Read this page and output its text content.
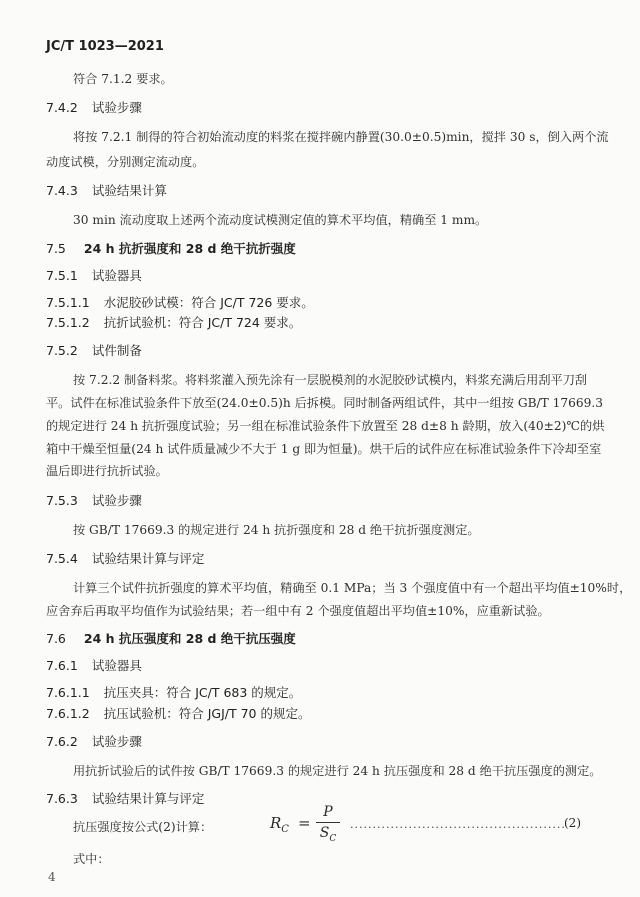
JC/T 1023—2021
符合 7.1.2 要求。
7.4.2 试验步骤
将按 7.2.1 制得的符合初始流动度的料浆在搅拌碗内静置(30.0±0.5)min，搅拌 30 s，倒入两个流
动度试模，分别测定流动度。
7.4.3 试验结果计算
30 min 流动度取上述两个流动度试模测定值的算术平均值，精确至 1 mm。
7.5 24 h 抗折强度和 28 d 绝干抗折强度
7.5.1 试验器具
7.5.1.1 水泥胶砂试模：符合 JC/T 726 要求。
7.5.1.2 抗折试验机：符合 JC/T 724 要求。
7.5.2 试件制备
按 7.2.2 制备料浆。将料浆灌入预先涂有一层脱模剂的水泥胶砂试模内，料浆充满后用刮平刀刮
平。试件在标准试验条件下放至(24.0±0.5)h 后拆模。同时制备两组试件，其中一组按 GB/T 17669.3
的规定进行 24 h 抗折强度试验；另一组在标准试验条件下放置至 28 d±8 h 龄期，放入(40±2)℃的烘
箱中干燥至恒量(24 h 试件质量减少不大于 1 g 即为恒量)。烘干后的试件应在标准试验条件下冷却至室
温后即进行抗折试验。
7.5.3 试验步骤
按 GB/T 17669.3 的规定进行 24 h 抗折强度和 28 d 绝干抗折强度测定。
7.5.4 试验结果计算与评定
计算三个试件抗折强度的算术平均值，精确至 0.1 MPa；当 3 个强度值中有一个超出平均值±10%时，
应舍弃后再取平均值作为试验结果；若一组中有 2 个强度值超出平均值±10%，应重新试验。
7.6 24 h 抗压强度和 28 d 绝干抗压强度
7.6.1 试验器具
7.6.1.1 抗压夹具：符合 JC/T 683 的规定。
7.6.1.2 抗压试验机：符合 JGJ/T 70 的规定。
7.6.2 试验步骤
用抗折试验后的试件按 GB/T 17669.3 的规定进行 24 h 抗压强度和 28 d 绝干抗压强度的测定。
7.6.3 试验结果计算与评定
抗压强度按公式(2)计算：	$R_C$ =
P
$S_C$
................................................
(2)
式中：
4
